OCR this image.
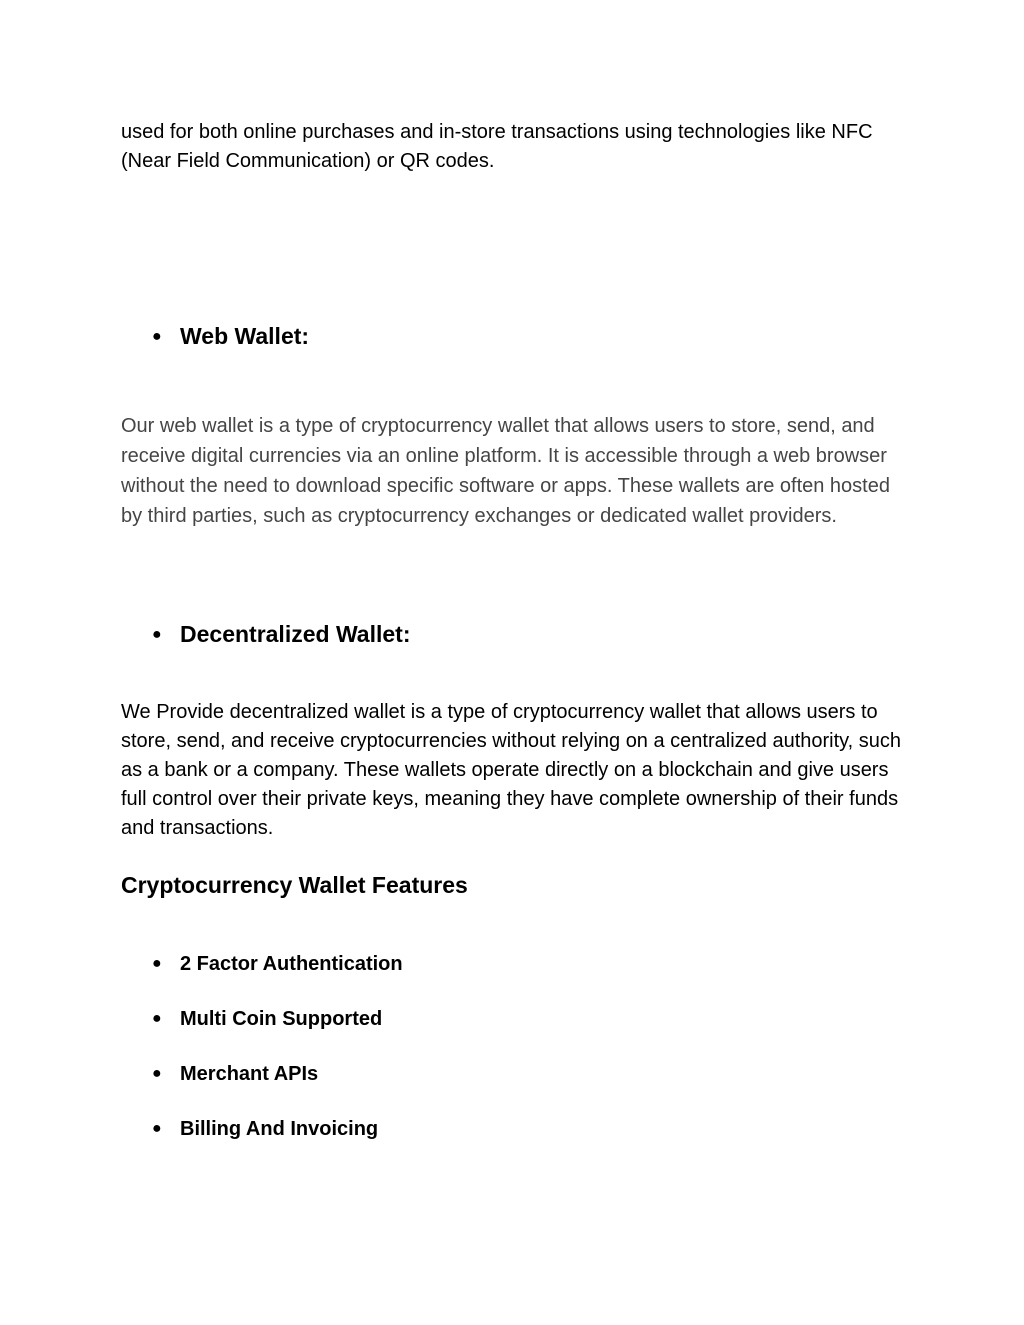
used for both online purchases and in-store transactions using technologies like NFC (Near Field Communication) or QR codes.

● Web Wallet:

Our web wallet is a type of cryptocurrency wallet that allows users to store, send, and receive digital currencies via an online platform. It is accessible through a web browser without the need to download specific software or apps. These wallets are often hosted by third parties, such as cryptocurrency exchanges or dedicated wallet providers.

● Decentralized Wallet:

We Provide decentralized wallet is a type of cryptocurrency wallet that allows users to store, send, and receive cryptocurrencies without relying on a centralized authority, such as a bank or a company. These wallets operate directly on a blockchain and give users full control over their private keys, meaning they have complete ownership of their funds and transactions.

Cryptocurrency Wallet Features
● 2 Factor Authentication
● Multi Coin Supported
● Merchant APIs
● Billing And Invoicing
